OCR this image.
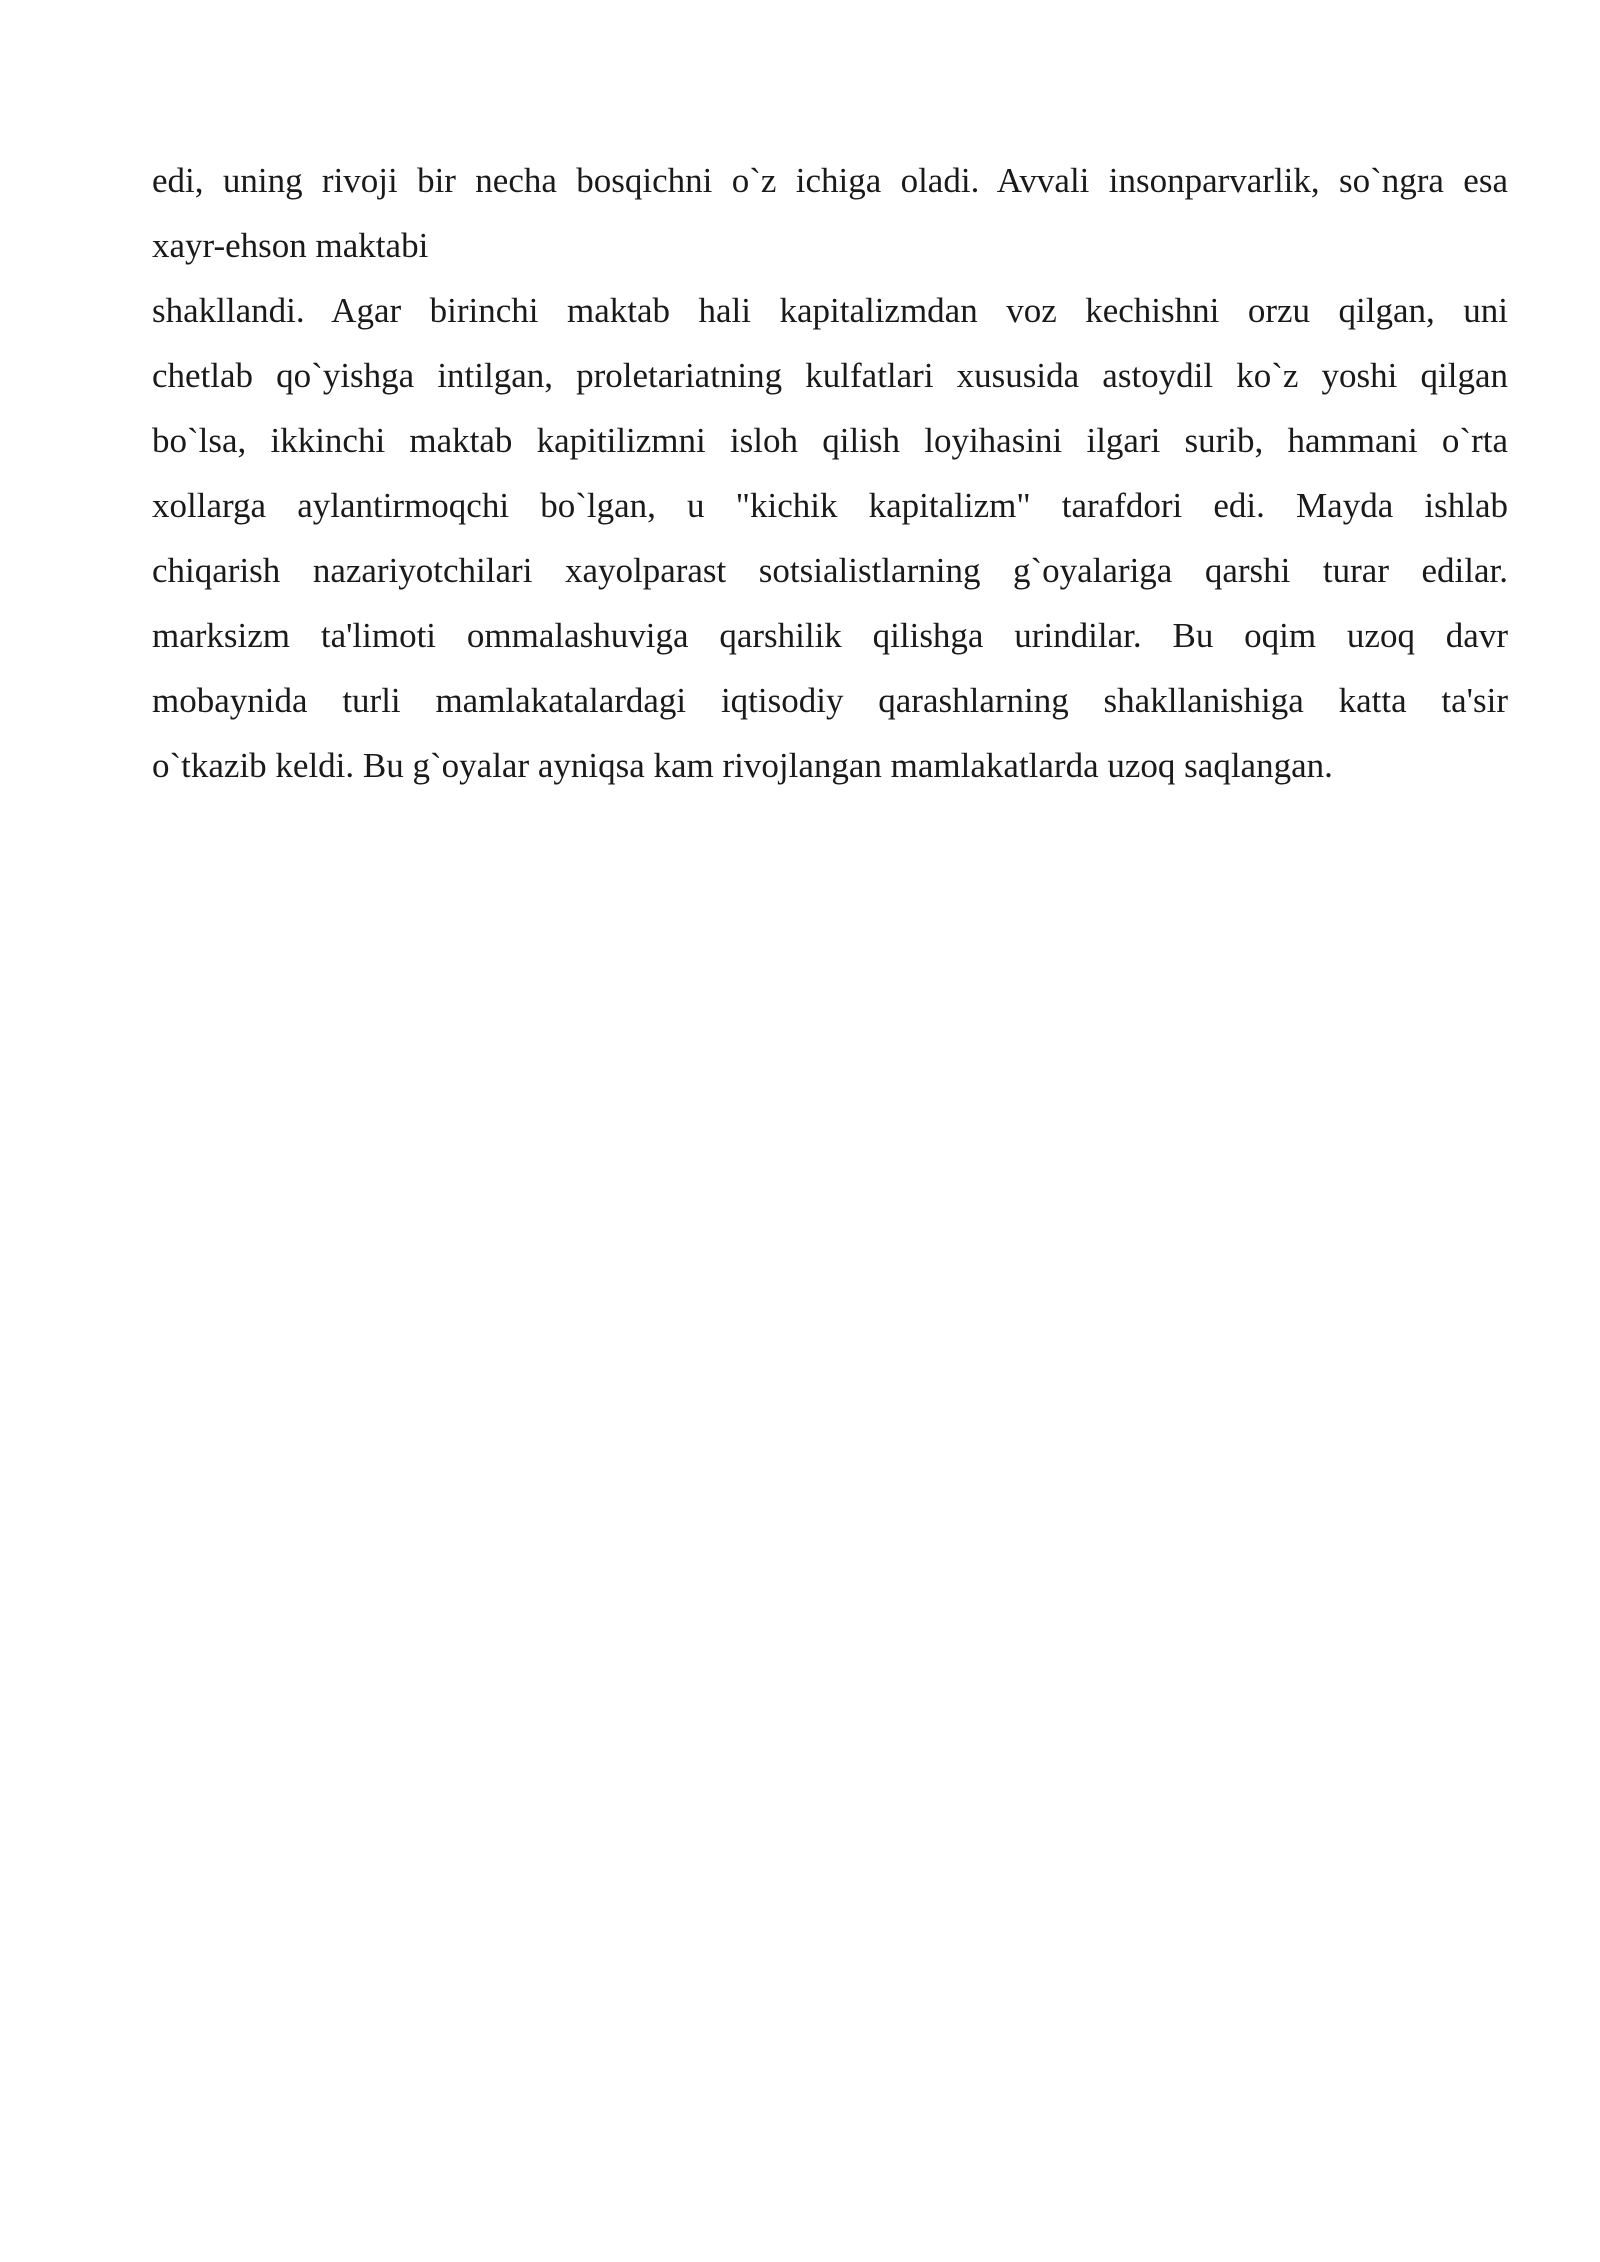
edi, uning rivoji bir necha bosqichni o`z ichiga oladi. Avvali insonparvarlik, so`ngra esa
xayr-ehson maktabi
shakllandi. Agar birinchi maktab hali kapitalizmdan voz kechishni orzu qilgan, uni
chetlab qo`yishga intilgan, proletariatning kulfatlari xususida astoydil ko`z yoshi qilgan
bo`lsa, ikkinchi maktab kapitilizmni isloh qilish loyihasini ilgari surib, hammani o`rta
xollarga aylantirmoqchi bo`lgan, u "kichik kapitalizm" tarafdori edi. Mayda ishlab
chiqarish nazariyotchilari xayolparast sotsialistlarning g`oyalariga qarshi turar edilar.
marksizm ta'limoti ommalashuviga qarshilik qilishga urindilar. Bu oqim uzoq davr
mobaynida turli mamlakatalardagi iqtisodiy qarashlarning shakllanishiga katta ta'sir
o`tkazib keldi. Bu g`oyalar ayniqsa kam rivojlangan mamlakatlarda uzoq saqlangan.
